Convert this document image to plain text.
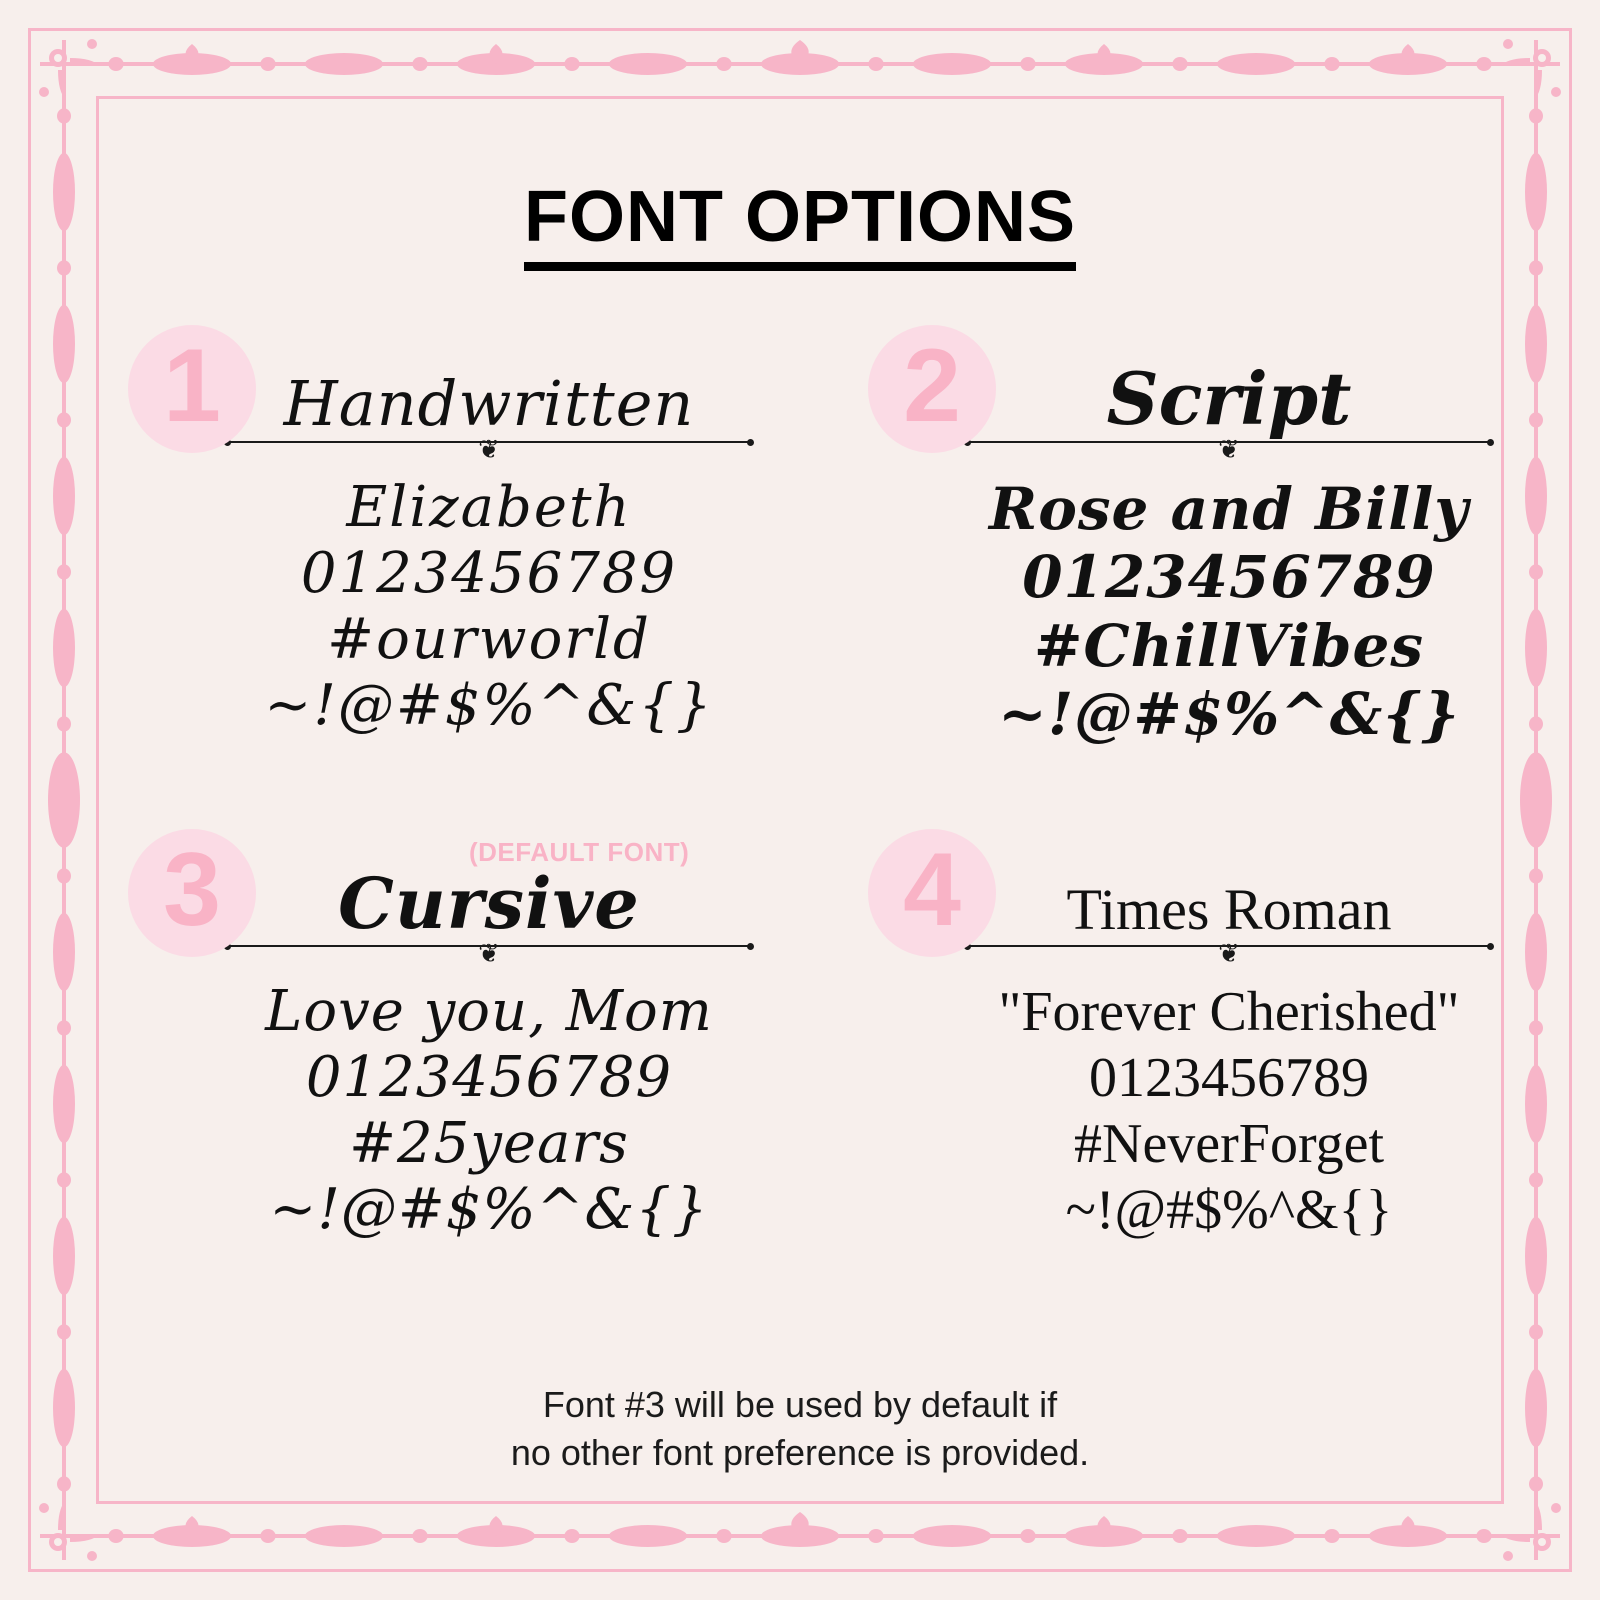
FONT OPTIONS
1 Handwritten
❦
Elizabeth
0123456789
#ourworld
~!@#$%^&{}
2 Script
❦
Rose and Billy
0123456789
#ChillVibes
~!@#$%^&{}
3	(DEFAULT FONT)
Cursive
❦
Love you, Mom
0123456789
#25years
~!@#$%^&{}
4 Times Roman
❦
"Forever Cherished"
0123456789
#NeverForget
~!@#$%^&{}
Font #3 will be used by default if
no other font preference is provided.
